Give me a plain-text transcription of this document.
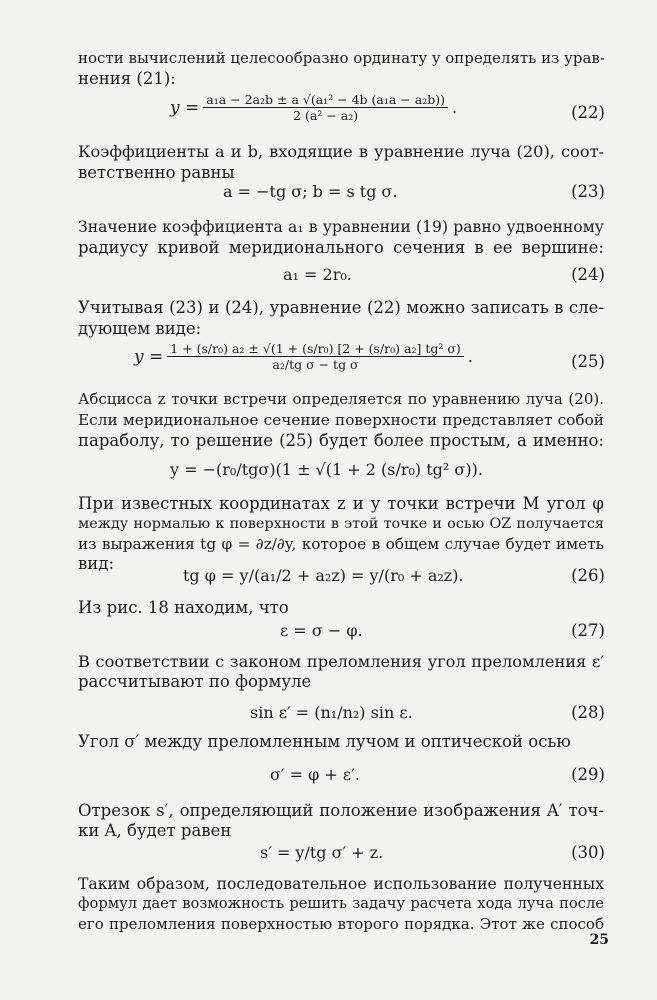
ности вычислений целесообразно ординату y определять из урав-
нения (21):
$y = \frac{\text{a₁a − 2a₂b ± a √(a₁² − 4b (a₁a − a₂b))}}{\text{2 (a² − a₂)}}$ .	(22)
Коэффициенты a и b, входящие в уравнение луча (20), соот-
ветственно равны
a = −tg σ; b = s tg σ.	(23)
Значение коэффициента a₁ в уравнении (19) равно удвоенному
радиусу кривой меридионального сечения в ее вершине:
a₁ = 2r₀.	(24)
Учитывая (23) и (24), уравнение (22) можно записать в сле-
дующем виде:
$y = \frac{\text{1 + (s/r₀) a₂ ± √(1 + (s/r₀) [2 + (s/r₀) a₂] tg² σ)}}{\text{a₂/tg σ − tg σ}}$ .	(25)
Абсцисса z точки встречи определяется по уравнению луча (20).
Если меридиональное сечение поверхности представляет собой
параболу, то решение (25) будет более простым, а именно:
y = −(r₀/tgσ)(1 ± √(1 + 2 (s/r₀) tg² σ)).
При известных координатах z и y точки встречи M угол φ
между нормалью к поверхности в этой точке и осью OZ получается
из выражения tg φ = ∂z/∂y, которое в общем случае будет иметь
вид:
tg φ = y/(a₁/2 + a₂z) = y/(r₀ + a₂z).	(26)
Из рис. 18 находим, что
ε = σ − φ.	(27)
В соответствии с законом преломления угол преломления ε′
рассчитывают по формуле
sin ε′ = (n₁/n₂) sin ε.	(28)
Угол σ′ между преломленным лучом и оптической осью
σ′ = φ + ε′.	(29)
Отрезок s′, определяющий положение изображения A′ точ-
ки A, будет равен
s′ = y/tg σ′ + z.	(30)
Таким образом, последовательное использование полученных
формул дает возможность решить задачу расчета хода луча после
его преломления поверхностью второго порядка. Этот же способ
25
